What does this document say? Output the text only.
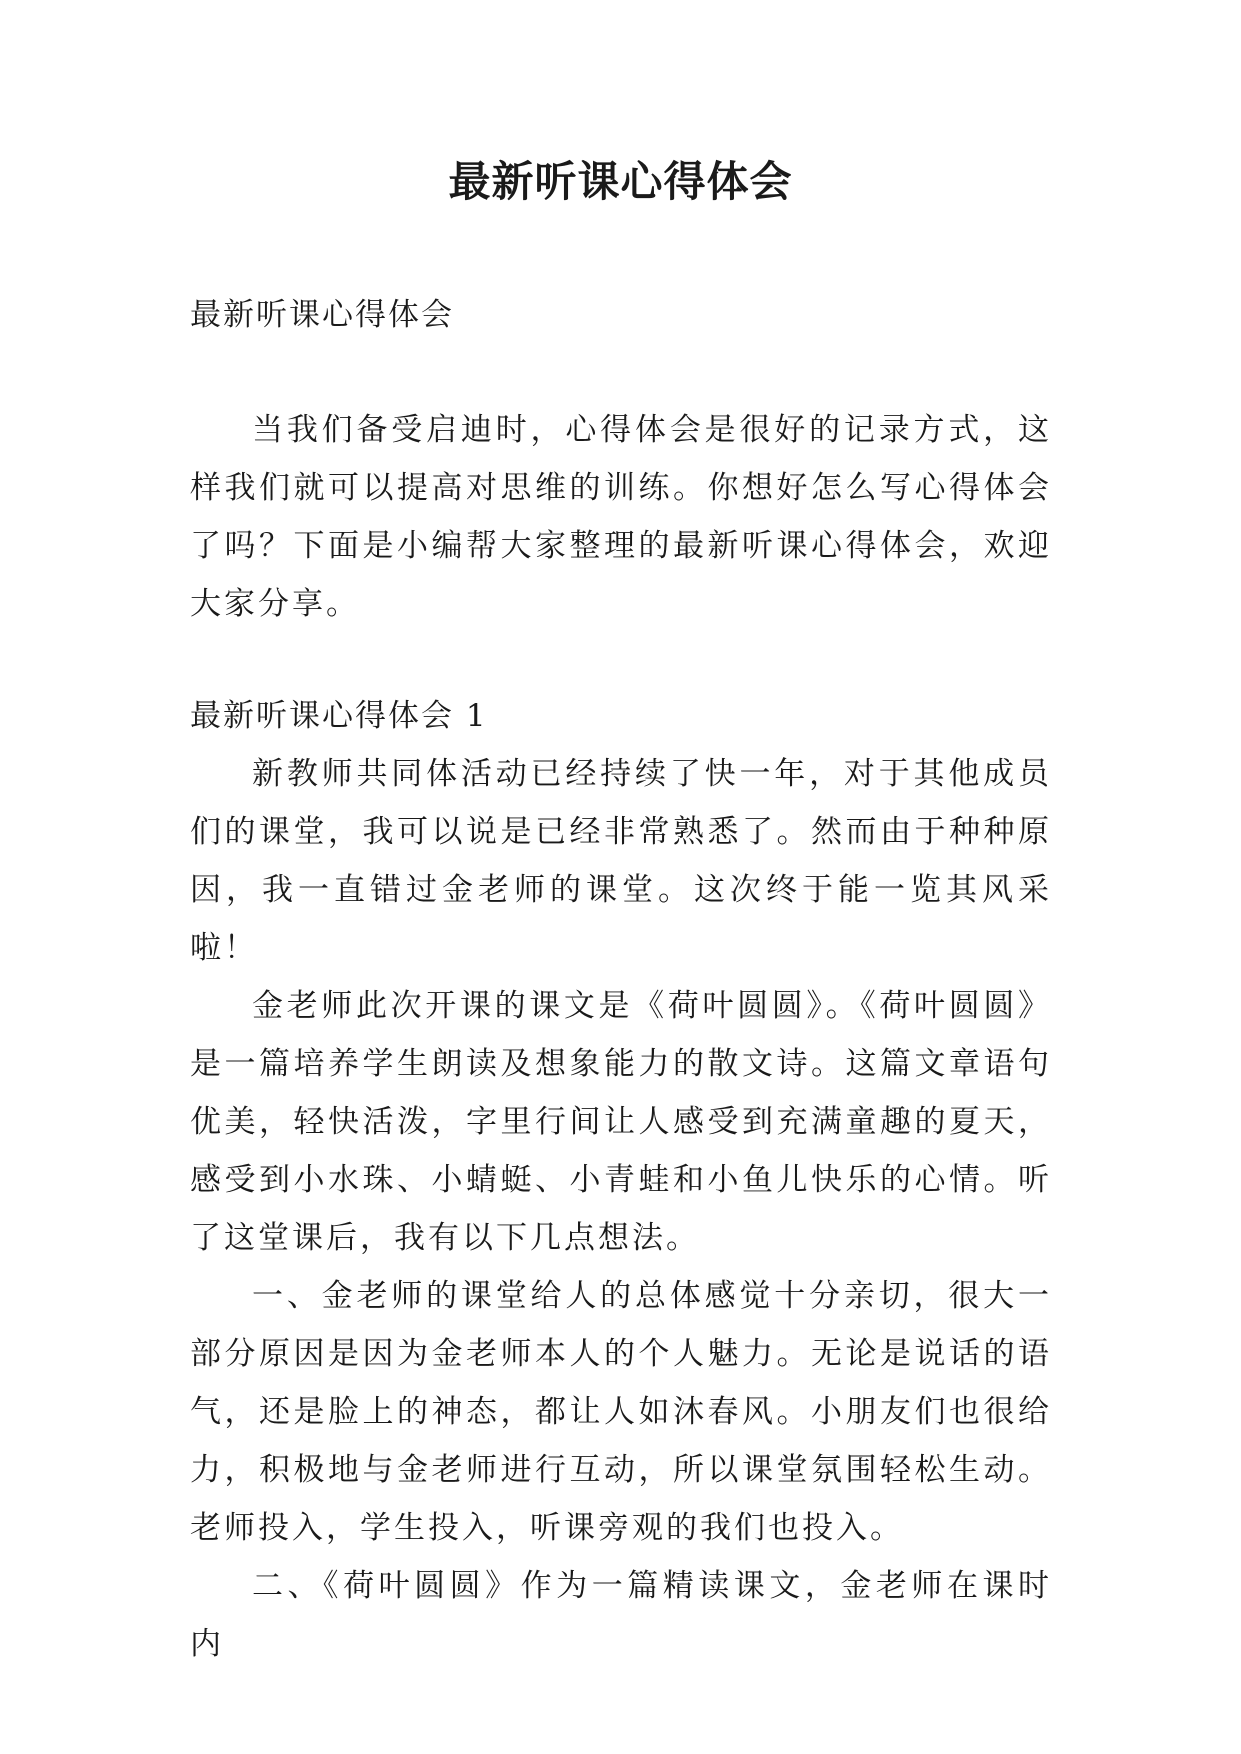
最新听课心得体会

最新听课心得体会

当我们备受启迪时，心得体会是很好的记录方式，这样我们就可以提高对思维的训练。你想好怎么写心得体会了吗？下面是小编帮大家整理的最新听课心得体会，欢迎大家分享。

最新听课心得体会 1

新教师共同体活动已经持续了快一年，对于其他成员们的课堂，我可以说是已经非常熟悉了。然而由于种种原因，我一直错过金老师的课堂。这次终于能一览其风采啦！

金老师此次开课的课文是《荷叶圆圆》。《荷叶圆圆》是一篇培养学生朗读及想象能力的散文诗。这篇文章语句优美，轻快活泼，字里行间让人感受到充满童趣的夏天，感受到小水珠、小蜻蜓、小青蛙和小鱼儿快乐的心情。听了这堂课后，我有以下几点想法。

一、金老师的课堂给人的总体感觉十分亲切，很大一部分原因是因为金老师本人的个人魅力。无论是说话的语气，还是脸上的神态，都让人如沐春风。小朋友们也很给力，积极地与金老师进行互动，所以课堂氛围轻松生动。老师投入，学生投入，听课旁观的我们也投入。

二、《荷叶圆圆》作为一篇精读课文，金老师在课时内
